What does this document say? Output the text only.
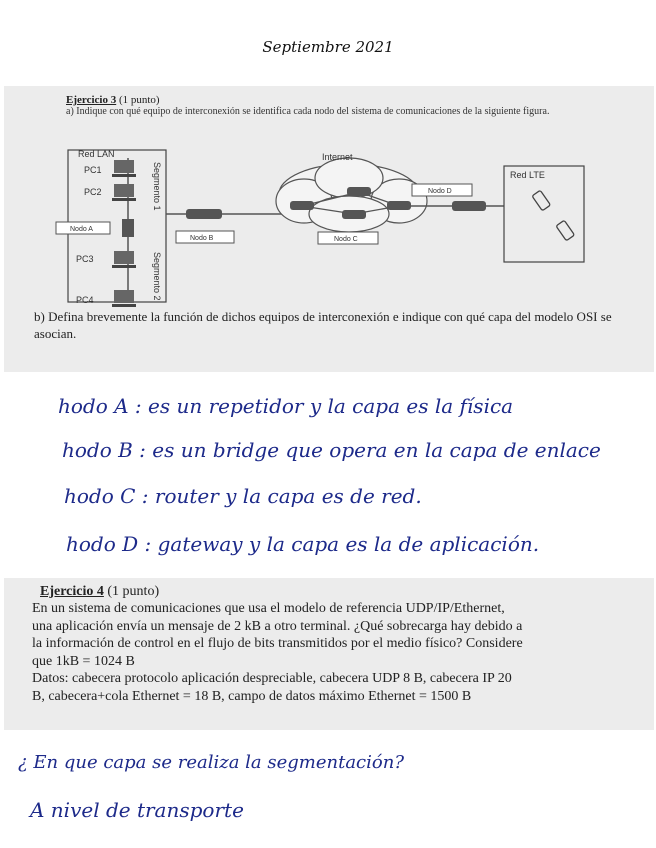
Septiembre 2021
Ejercicio 3 (1 punto)
a) Indique con qué equipo de interconexión se identifica cada nodo del sistema de comunicaciones de la siguiente figura.
Red LAN
PC1
PC2
PC3
PC4
Nodo A
Segmento 1
Segmento 2
Nodo B
Internet
Nodo C
Nodo D
Red LTE
b) Defina brevemente la función de dichos equipos de interconexión e indique con qué capa del modelo OSI se asocian.
hodo A : es un repetidor y la capa es la física
hodo B : es un bridge que opera en la capa de enlace
hodo C : router y la capa es de red.
hodo D : gateway y la capa es la de aplicación.
Ejercicio 4 (1 punto)

En un sistema de comunicaciones que usa el modelo de referencia UDP/IP/Ethernet,

una aplicación envía un mensaje de 2 kB a otro terminal. ¿Qué sobrecarga hay debido a

la información de control en el flujo de bits transmitidos por el medio físico? Considere

que 1kB = 1024 B

Datos: cabecera protocolo aplicación despreciable, cabecera UDP 8 B, cabecera IP 20

B, cabecera+cola Ethernet = 18 B, campo de datos máximo Ethernet = 1500 B

¿ En que capa se realiza la segmentación?
A nivel de transporte
